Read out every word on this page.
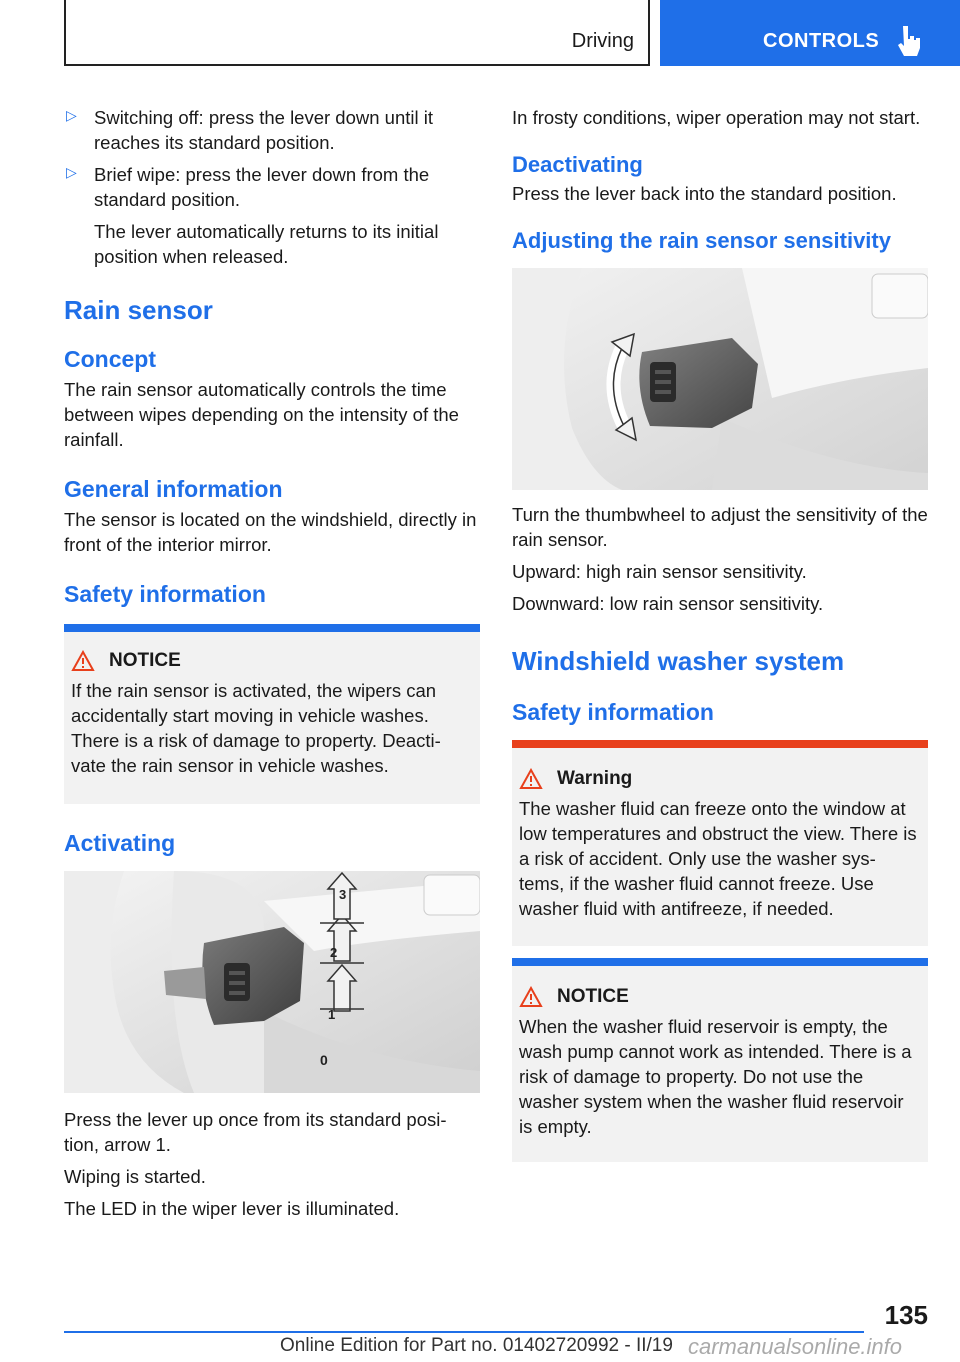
Driving	CONTROLS
▷ Switching off: press the lever down until it reaches its standard position.

▷ Brief wipe: press the lever down from the standard position.

The lever automatically returns to its initial position when released.

Rain sensor
Concept

The rain sensor automatically controls the time between wipes depending on the intensity of the rainfall.

General information

The sensor is located on the windshield, directly in front of the interior mirror.

Safety information
NOTICE

If the rain sensor is activated, the wipers can accidentally start moving in vehicle washes. There is a risk of damage to property. Deacti-vate the rain sensor in vehicle washes.

Activating
3
2
1
0

Press the lever up once from its standard posi-tion, arrow 1.

Wiping is started.

The LED in the wiper lever is illuminated.

In frosty conditions, wiper operation may not start.

Deactivating

Press the lever back into the standard position.

Adjusting the rain sensor sensitivity

Turn the thumbwheel to adjust the sensitivity of the rain sensor.

Upward: high rain sensor sensitivity.

Downward: low rain sensor sensitivity.

Windshield washer system
Safety information
Warning

The washer fluid can freeze onto the window at low temperatures and obstruct the view. There is a risk of accident. Only use the washer sys-tems, if the washer fluid cannot freeze. Use washer fluid with antifreeze, if needed.

NOTICE

When the washer fluid reservoir is empty, the wash pump cannot work as intended. There is a risk of damage to property. Do not use the washer system when the washer fluid reservoir is empty.

135
Online Edition for Part no. 01402720992 - II/19 carmanualsonline.info
